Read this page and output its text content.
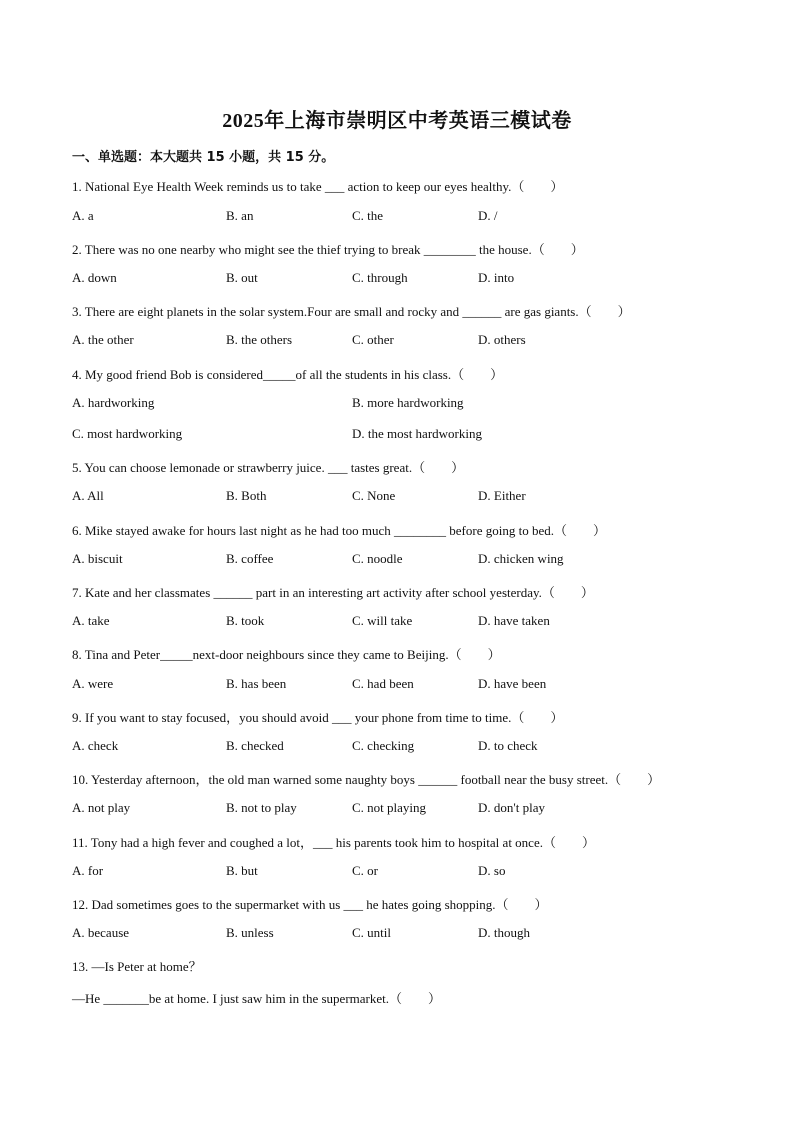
2025年上海市崇明区中考英语三模试卷
一、单选题：本大题共 15 小题，共 15 分。
1. National Eye Health Week reminds us to take ___ action to keep our eyes healthy.（　　）
A. a	B. an	C. the	D. /
2. There was no one nearby who might see the thief trying to break ________ the house.（　　）
A. down	B. out	C. through	D. into
3. There are eight planets in the solar system.Four are small and rocky and ______ are gas giants.（　　）
A. the other	B. the others	C. other	D. others
4. My good friend Bob is considered_____of all the students in his class.（　　）
A. hardworking	B. more hardworking
C. most hardworking	D. the most hardworking
5. You can choose lemonade or strawberry juice. ___ tastes great.（　　）
A. All	B. Both	C. None	D. Either
6. Mike stayed awake for hours last night as he had too much ________ before going to bed.（　　）
A. biscuit	B. coffee	C. noodle	D. chicken wing
7. Kate and her classmates ______ part in an interesting art activity after school yesterday.（　　）
A. take	B. took	C. will take	D. have taken
8. Tina and Peter_____next-door neighbours since they came to Beijing.（　　）
A. were	B. has been	C. had been	D. have been
9. If you want to stay focused，you should avoid ___ your phone from time to time.（　　）
A. check	B. checked	C. checking	D. to check
10. Yesterday afternoon，the old man warned some naughty boys ______ football near the busy street.（　　）
A. not play	B. not to play	C. not playing	D. don't play
11. Tony had a high fever and coughed a lot，___ his parents took him to hospital at once.（　　）
A. for	B. but	C. or	D. so
12. Dad sometimes goes to the supermarket with us ___ he hates going shopping.（　　）
A. because	B. unless	C. until	D. though
13. —Is Peter at home？
—He _______be at home. I just saw him in the supermarket.（　　）
